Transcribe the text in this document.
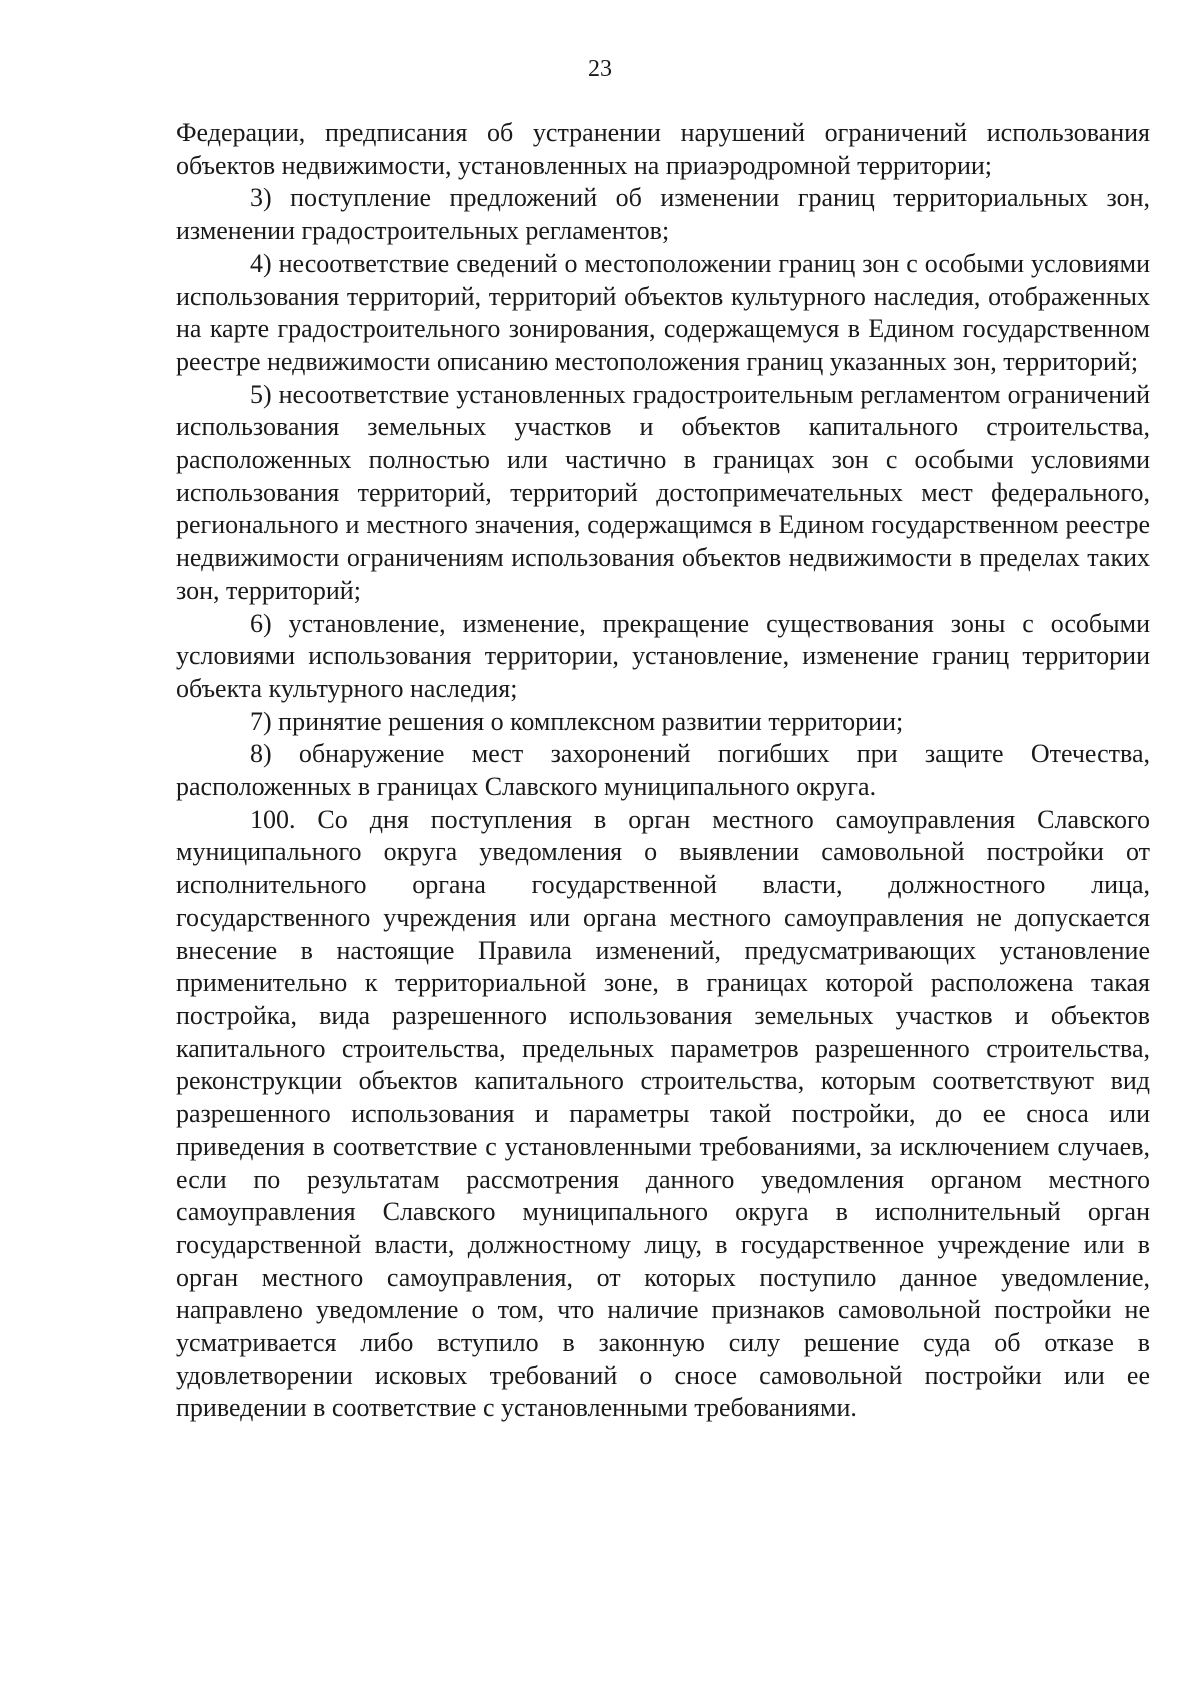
23

Федерации, предписания об устранении нарушений ограничений использования объектов недвижимости, установленных на приаэродромной территории;

3) поступление предложений об изменении границ территориальных зон, изменении градостроительных регламентов;

4) несоответствие сведений о местоположении границ зон с особыми условиями использования территорий, территорий объектов культурного наследия, отображенных на карте градостроительного зонирования, содержащемуся в Едином государственном реестре недвижимости описанию местоположения границ указанных зон, территорий;

5) несоответствие установленных градостроительным регламентом ограничений использования земельных участков и объектов капитального строительства, расположенных полностью или частично в границах зон с особыми условиями использования территорий, территорий достопримечательных мест федерального, регионального и местного значения, содержащимся в Едином государственном реестре недвижимости ограничениям использования объектов недвижимости в пределах таких зон, территорий;

6) установление, изменение, прекращение существования зоны с особыми условиями использования территории, установление, изменение границ территории объекта культурного наследия;

7) принятие решения о комплексном развитии территории;

8) обнаружение мест захоронений погибших при защите Отечества, расположенных в границах Славского муниципального округа.

100. Со дня поступления в орган местного самоуправления Славского муниципального округа уведомления о выявлении самовольной постройки от исполнительного органа государственной власти, должностного лица, государственного учреждения или органа местного самоуправления не допускается внесение в настоящие Правила изменений, предусматривающих установление применительно к территориальной зоне, в границах которой расположена такая постройка, вида разрешенного использования земельных участков и объектов капитального строительства, предельных параметров разрешенного строительства, реконструкции объектов капитального строительства, которым соответствуют вид разрешенного использования и параметры такой постройки, до ее сноса или приведения в соответствие с установленными требованиями, за исключением случаев, если по результатам рассмотрения данного уведомления органом местного самоуправления Славского муниципального округа в исполнительный орган государственной власти, должностному лицу, в государственное учреждение или в орган местного самоуправления, от которых поступило данное уведомление, направлено уведомление о том, что наличие признаков самовольной постройки не усматривается либо вступило в законную силу решение суда об отказе в удовлетворении исковых требований о сносе самовольной постройки или ее приведении в соответствие с установленными требованиями.
